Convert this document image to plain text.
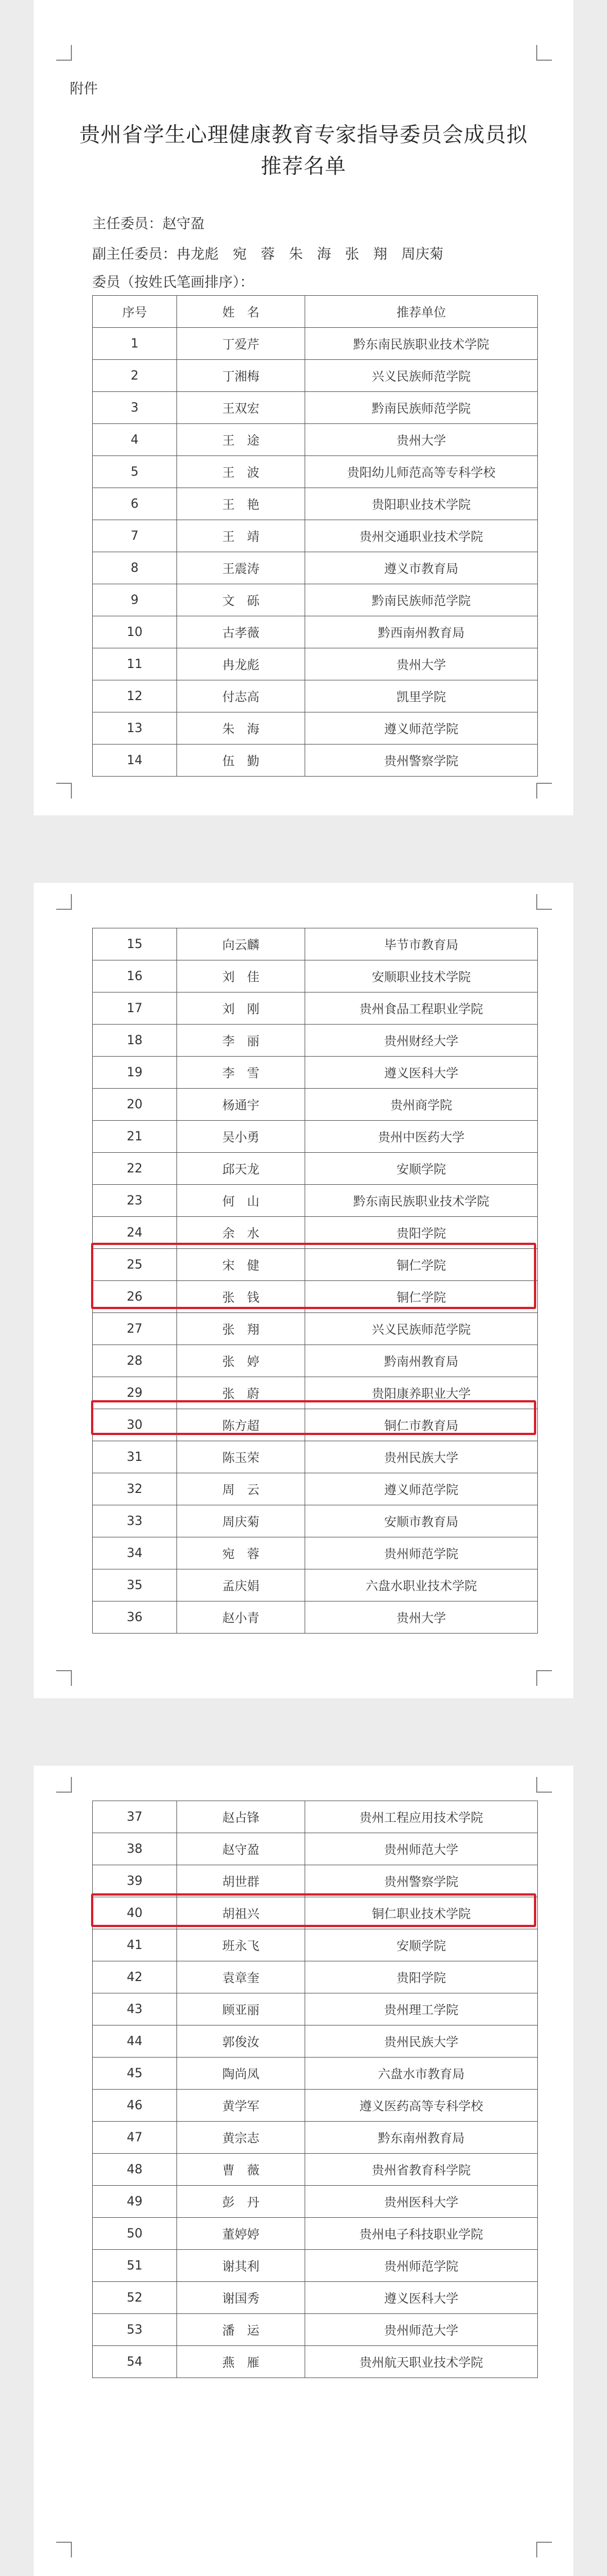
附件
贵州省学生心理健康教育专家指导委员会成员拟推荐名单
主任委员：赵守盈
副主任委员：冉龙彪　宛　蓉　朱　海　张　翔　周庆菊
委员（按姓氏笔画排序）：
序号	姓　名	推荐单位
1	丁爱芹	黔东南民族职业技术学院
2	丁湘梅	兴义民族师范学院
3	王双宏	黔南民族师范学院
4	王　途	贵州大学
5	王　波	贵阳幼儿师范高等专科学校
6	王　艳	贵阳职业技术学院
7	王　靖	贵州交通职业技术学院
8	王震涛	遵义市教育局
9	文　砾	黔南民族师范学院
10	古孝薇	黔西南州教育局
11	冉龙彪	贵州大学
12	付志高	凯里学院
13	朱　海	遵义师范学院
14	伍　勤	贵州警察学院
15	向云麟	毕节市教育局
16	刘　佳	安顺职业技术学院
17	刘　刚	贵州食品工程职业学院
18	李　丽	贵州财经大学
19	李　雪	遵义医科大学
20	杨通宇	贵州商学院
21	吴小勇	贵州中医药大学
22	邱天龙	安顺学院
23	何　山	黔东南民族职业技术学院
24	余　水	贵阳学院
25	宋　健	铜仁学院
26	张　钱	铜仁学院
27	张　翔	兴义民族师范学院
28	张　婷	黔南州教育局
29	张　蔚	贵阳康养职业大学
30	陈方超	铜仁市教育局
31	陈玉荣	贵州民族大学
32	周　云	遵义师范学院
33	周庆菊	安顺市教育局
34	宛　蓉	贵州师范学院
35	孟庆娟	六盘水职业技术学院
36	赵小青	贵州大学
37	赵占锋	贵州工程应用技术学院
38	赵守盈	贵州师范大学
39	胡世群	贵州警察学院
40	胡祖兴	铜仁职业技术学院
41	班永飞	安顺学院
42	袁章奎	贵阳学院
43	顾亚丽	贵州理工学院
44	郭俊汝	贵州民族大学
45	陶尚凤	六盘水市教育局
46	黄学军	遵义医药高等专科学校
47	黄宗志	黔东南州教育局
48	曹　薇	贵州省教育科学院
49	彭　丹	贵州医科大学
50	董婷婷	贵州电子科技职业学院
51	谢其利	贵州师范学院
52	谢国秀	遵义医科大学
53	潘　运	贵州师范大学
54	燕　雁	贵州航天职业技术学院
